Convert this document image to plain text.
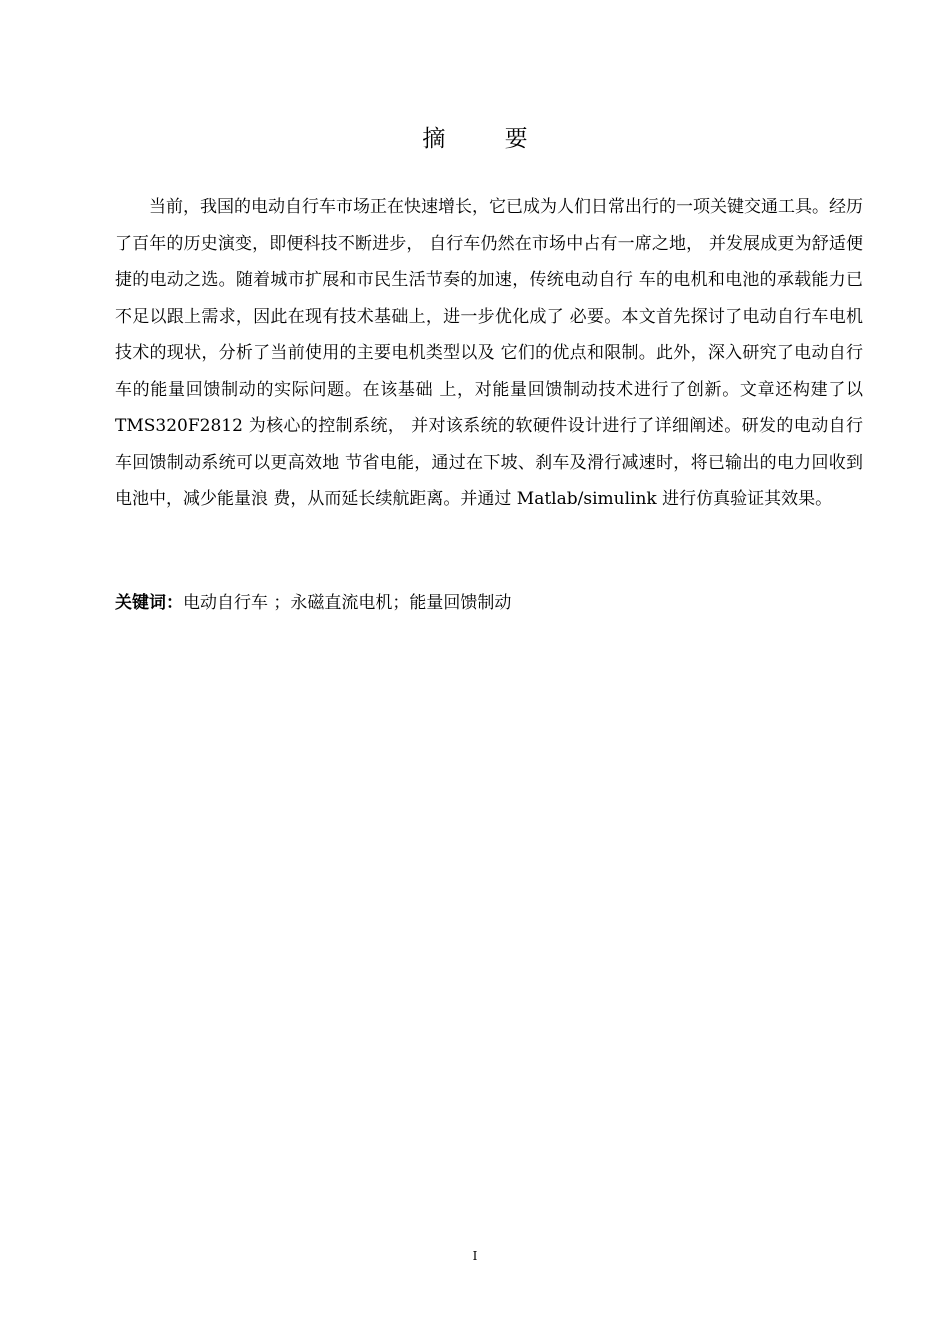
摘 要

当前，我国的电动自行车市场正在快速增长，它已成为人们日常出行的一项关键交通工具。经历了百年的历史演变，即便科技不断进步， 自行车仍然在市场中占有一席之地， 并发展成更为舒适便捷的电动之选。随着城市扩展和市民生活节奏的加速，传统电动自行 车的电机和电池的承载能力已不足以跟上需求，因此在现有技术基础上，进一步优化成了 必要。本文首先探讨了电动自行车电机技术的现状，分析了当前使用的主要电机类型以及 它们的优点和限制。此外，深入研究了电动自行车的能量回馈制动的实际问题。在该基础 上，对能量回馈制动技术进行了创新。文章还构建了以 TMS320F2812 为核心的控制系统， 并对该系统的软硬件设计进行了详细阐述。研发的电动自行车回馈制动系统可以更高效地 节省电能，通过在下坡、刹车及滑行减速时，将已输出的电力回收到电池中，减少能量浪 费，从而延长续航距离。并通过 Matlab/simulink 进行仿真验证其效果。

关键词：电动自行车 ；永磁直流电机；能量回馈制动
I
